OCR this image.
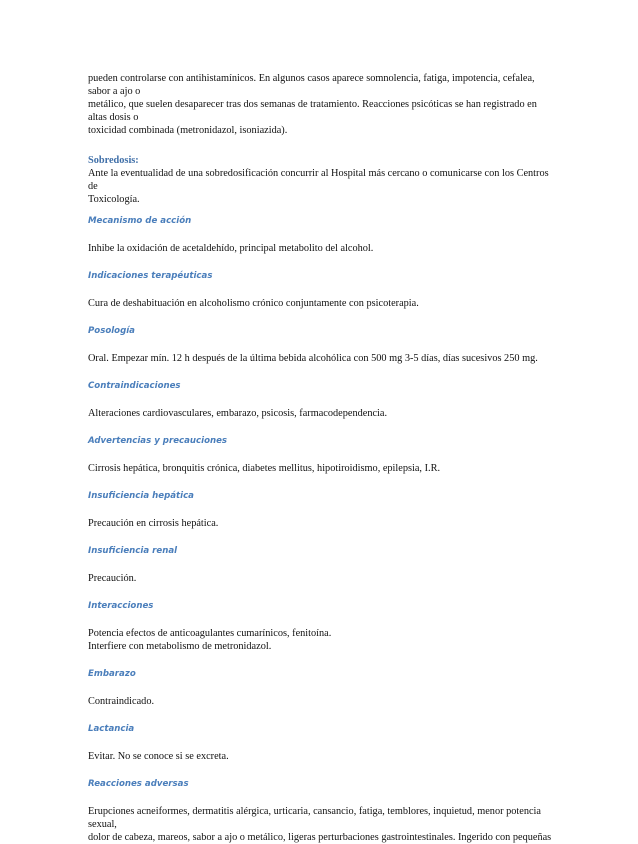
pueden controlarse con antihistamínicos. En algunos casos aparece somnolencia, fatiga, impotencia, cefalea, sabor a ajo o
metálico, que suelen desaparecer tras dos semanas de tratamiento. Reacciones psicóticas se han registrado en altas dosis o
toxicidad combinada (metronidazol, isoniazida).

Sobredosis:

Ante la eventualidad de una sobredosificación concurrir al Hospital más cercano o comunicarse con los Centros de
Toxicología.

Mecanismo de acción

Inhibe la oxidación de acetaldehído, principal metabolito del alcohol.

Indicaciones terapéuticas

Cura de deshabituación en alcoholismo crónico conjuntamente con psicoterapia.

Posología

Oral. Empezar mín. 12 h después de la última bebida alcohólica con 500 mg 3-5 días, días sucesivos 250 mg.

Contraindicaciones

Alteraciones cardiovasculares, embarazo, psicosis, farmacodependencia.

Advertencias y precauciones

Cirrosis hepática, bronquitis crónica, diabetes mellitus, hipotiroidismo, epilepsia, I.R.

Insuficiencia hepática

Precaución en cirrosis hepática.

Insuficiencia renal

Precaución.

Interacciones

Potencia efectos de anticoagulantes cumarínicos, fenitoína.
Interfiere con metabolismo de metronidazol.

Embarazo

Contraindicado.

Lactancia

Evitar. No se conoce si se excreta.

Reacciones adversas

Erupciones acneiformes, dermatitis alérgica, urticaria, cansancio, fatiga, temblores, inquietud, menor potencia sexual,
dolor de cabeza, mareos, sabor a ajo o metálico, ligeras perturbaciones gastrointestinales. Ingerido con pequeñas
